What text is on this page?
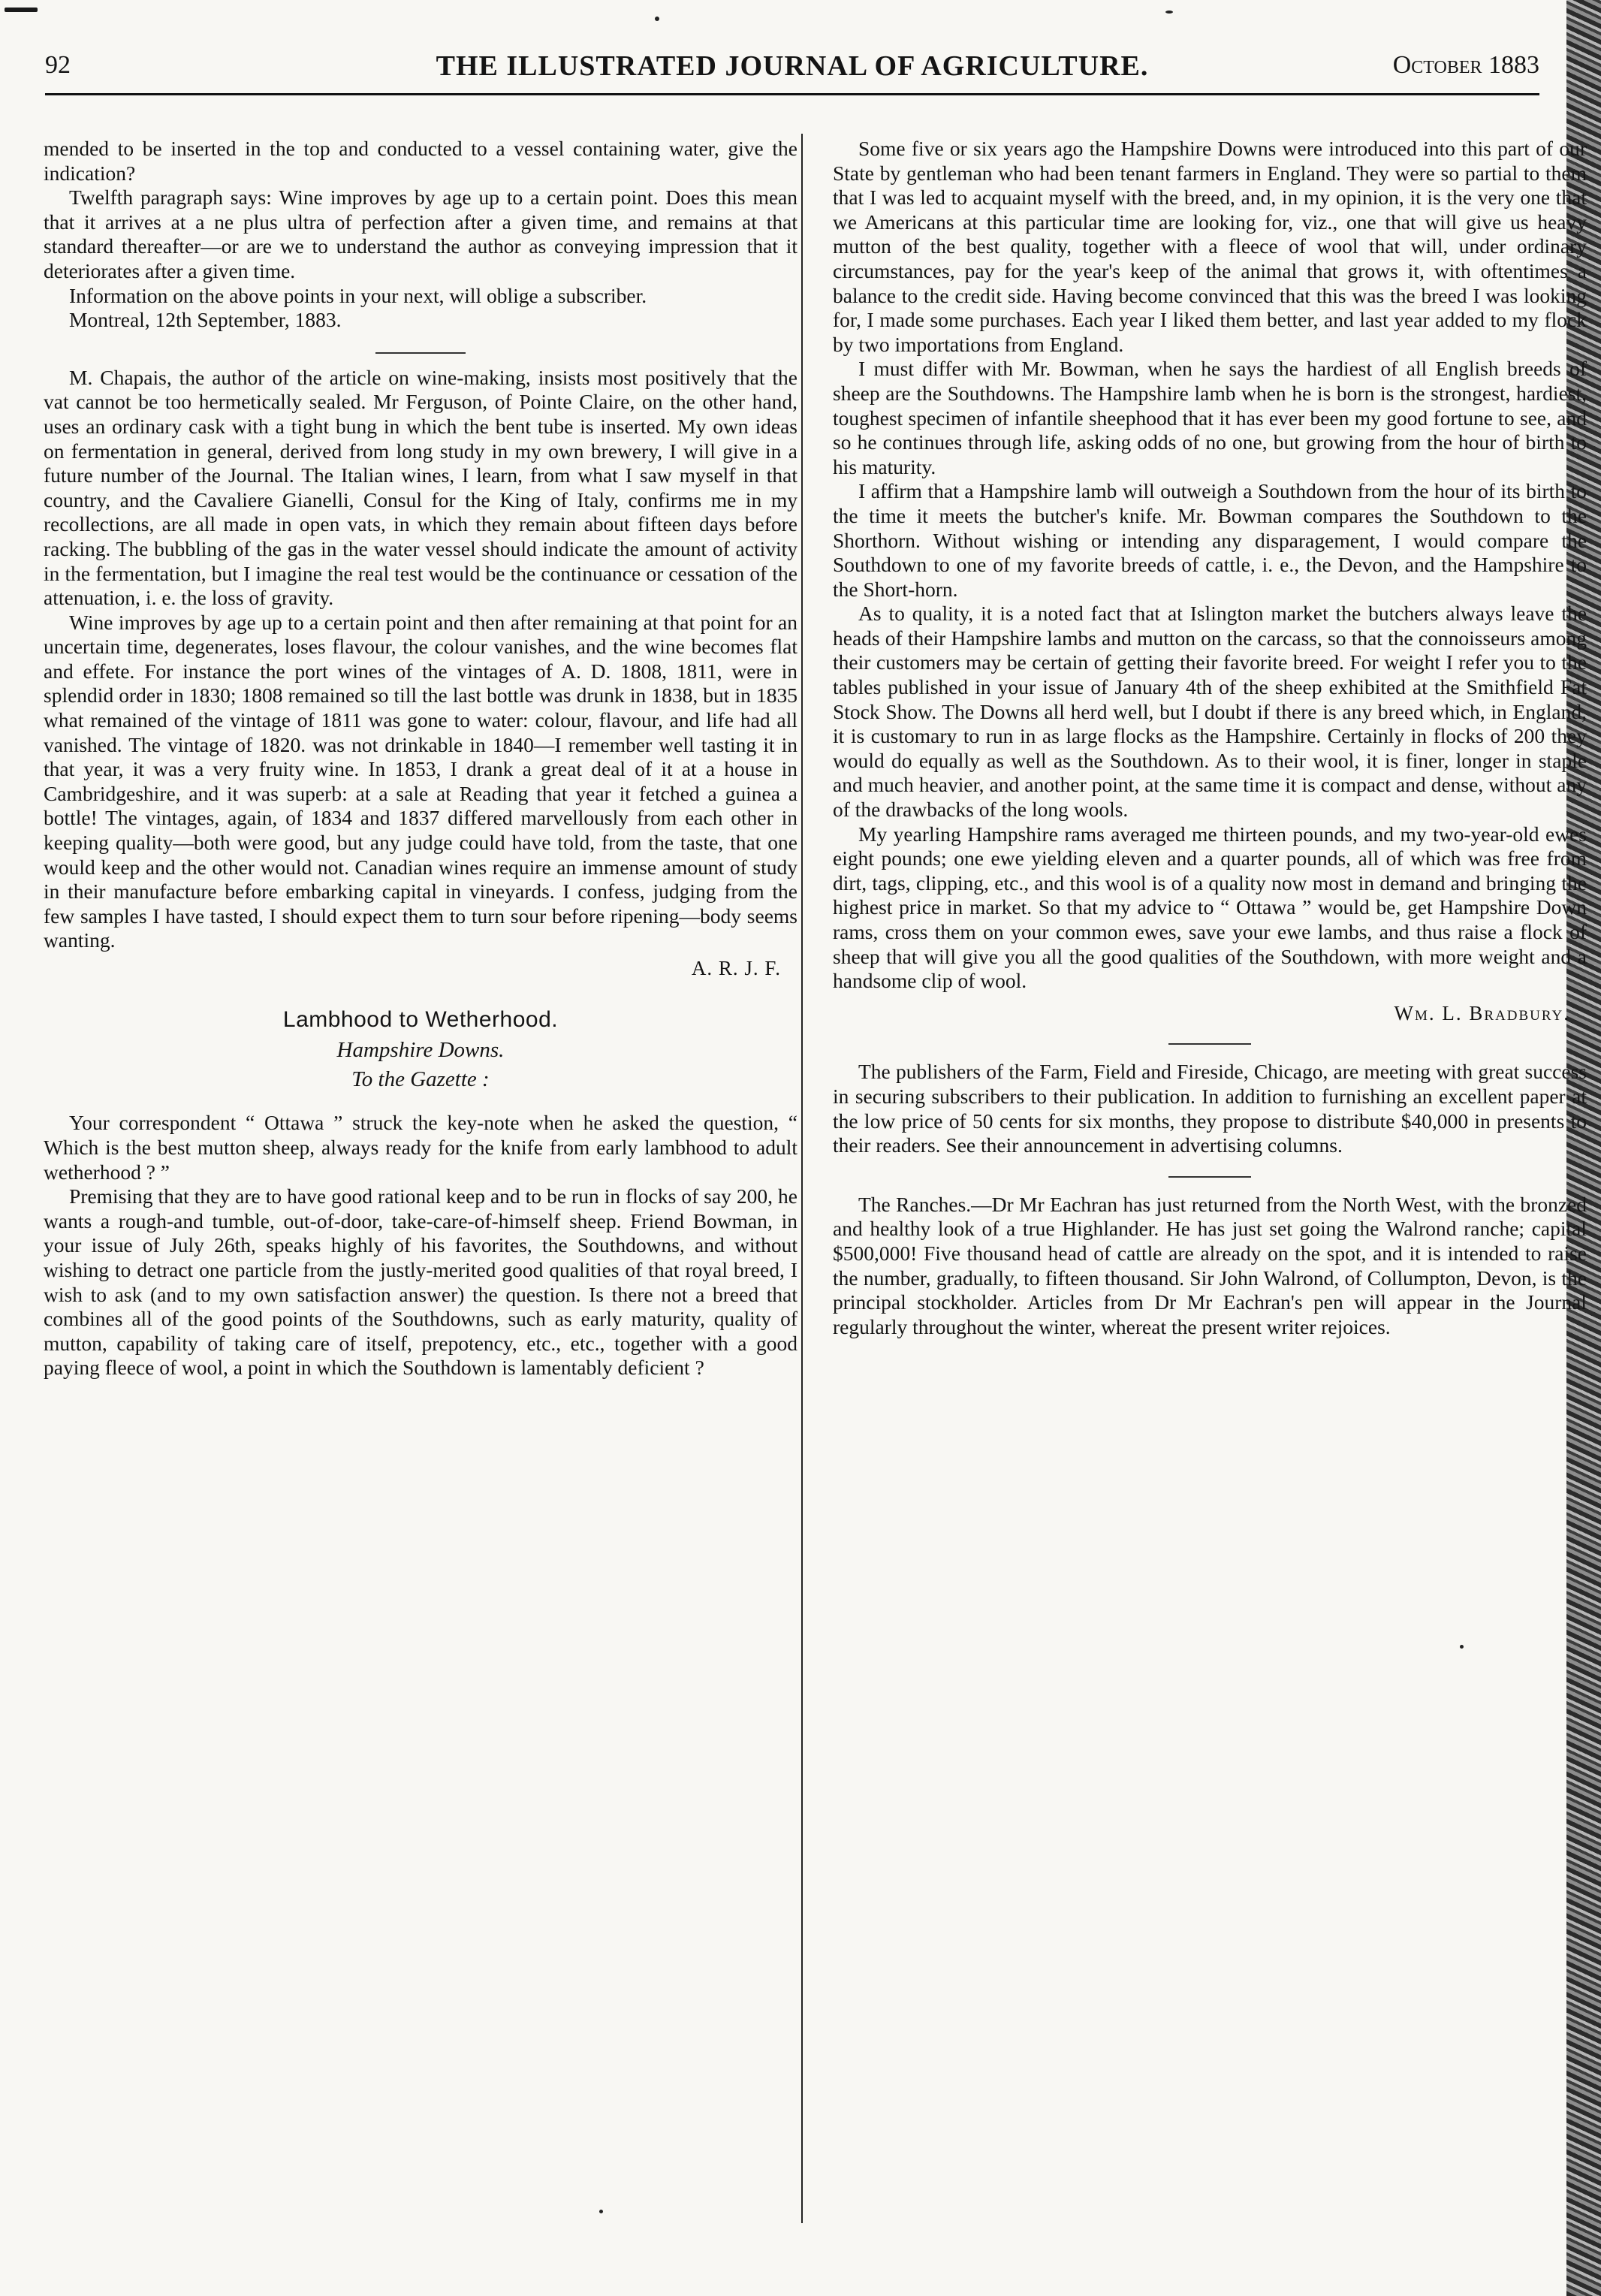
92	THE ILLUSTRATED JOURNAL OF AGRICULTURE.	October 1883

mended to be inserted in the top and conducted to a vessel containing water, give the indication?

Twelfth paragraph says: Wine improves by age up to a certain point. Does this mean that it arrives at a ne plus ultra of perfection after a given time, and remains at that standard thereafter—or are we to understand the author as conveying impression that it deteriorates after a given time.

Information on the above points in your next, will oblige a subscriber.

Montreal, 12th September, 1883.

M. Chapais, the author of the article on wine-making, insists most positively that the vat cannot be too hermetically sealed. Mr Ferguson, of Pointe Claire, on the other hand, uses an ordinary cask with a tight bung in which the bent tube is inserted. My own ideas on fermentation in general, derived from long study in my own brewery, I will give in a future number of the Journal. The Italian wines, I learn, from what I saw myself in that country, and the Cavaliere Gianelli, Consul for the King of Italy, confirms me in my recollections, are all made in open vats, in which they remain about fifteen days before racking. The bubbling of the gas in the water vessel should indicate the amount of activity in the fermentation, but I imagine the real test would be the continuance or cessation of the attenuation, i. e. the loss of gravity.

Wine improves by age up to a certain point and then after remaining at that point for an uncertain time, degenerates, loses flavour, the colour vanishes, and the wine becomes flat and effete. For instance the port wines of the vintages of A. D. 1808, 1811, were in splendid order in 1830; 1808 remained so till the last bottle was drunk in 1838, but in 1835 what remained of the vintage of 1811 was gone to water: colour, flavour, and life had all vanished. The vintage of 1820. was not drinkable in 1840—I remember well tasting it in that year, it was a very fruity wine. In 1853, I drank a great deal of it at a house in Cambridgeshire, and it was superb: at a sale at Reading that year it fetched a guinea a bottle! The vintages, again, of 1834 and 1837 differed marvellously from each other in keeping quality—both were good, but any judge could have told, from the taste, that one would keep and the other would not. Canadian wines require an immense amount of study in their manufacture before embarking capital in vineyards. I confess, judging from the few samples I have tasted, I should expect them to turn sour before ripening—body seems wanting.

A. R. J. F.
Lambhood to Wetherhood.
Hampshire Downs.
To the Gazette :

Your correspondent “ Ottawa ” struck the key-note when he asked the question, “ Which is the best mutton sheep, always ready for the knife from early lambhood to adult wetherhood ? ”

Premising that they are to have good rational keep and to be run in flocks of say 200, he wants a rough-and tumble, out-of-door, take-care-of-himself sheep. Friend Bowman, in your issue of July 26th, speaks highly of his favorites, the Southdowns, and without wishing to detract one particle from the justly-merited good qualities of that royal breed, I wish to ask (and to my own satisfaction answer) the question. Is there not a breed that combines all of the good points of the Southdowns, such as early maturity, quality of mutton, capability of taking care of itself, prepotency, etc., etc., together with a good paying fleece of wool, a point in which the Southdown is lamentably deficient ?

Some five or six years ago the Hampshire Downs were introduced into this part of our State by gentleman who had been tenant farmers in England. They were so partial to them that I was led to acquaint myself with the breed, and, in my opinion, it is the very one that we Americans at this particular time are looking for, viz., one that will give us heavy mutton of the best quality, together with a fleece of wool that will, under ordinary circumstances, pay for the year's keep of the animal that grows it, with oftentimes a balance to the credit side. Having become convinced that this was the breed I was looking for, I made some purchases. Each year I liked them better, and last year added to my flock by two importations from England.

I must differ with Mr. Bowman, when he says the hardiest of all English breeds of sheep are the Southdowns. The Hampshire lamb when he is born is the strongest, hardiest, toughest specimen of infantile sheephood that it has ever been my good fortune to see, and so he continues through life, asking odds of no one, but growing from the hour of birth to his maturity.

I affirm that a Hampshire lamb will outweigh a Southdown from the hour of its birth to the time it meets the butcher's knife. Mr. Bowman compares the Southdown to the Shorthorn. Without wishing or intending any disparagement, I would compare the Southdown to one of my favorite breeds of cattle, i. e., the Devon, and the Hampshire to the Short-horn.

As to quality, it is a noted fact that at Islington market the butchers always leave the heads of their Hampshire lambs and mutton on the carcass, so that the connoisseurs among their customers may be certain of getting their favorite breed. For weight I refer you to the tables published in your issue of January 4th of the sheep exhibited at the Smithfield Fat Stock Show. The Downs all herd well, but I doubt if there is any breed which, in England, it is customary to run in as large flocks as the Hampshire. Certainly in flocks of 200 they would do equally as well as the Southdown. As to their wool, it is finer, longer in staple and much heavier, and another point, at the same time it is compact and dense, without any of the drawbacks of the long wools.

My yearling Hampshire rams averaged me thirteen pounds, and my two-year-old ewes eight pounds; one ewe yielding eleven and a quarter pounds, all of which was free from dirt, tags, clipping, etc., and this wool is of a quality now most in demand and bringing the highest price in market. So that my advice to “ Ottawa ” would be, get Hampshire Down rams, cross them on your common ewes, save your ewe lambs, and thus raise a flock of sheep that will give you all the good qualities of the Southdown, with more weight and a handsome clip of wool.

Wm. L. Bradbury.

The publishers of the Farm, Field and Fireside, Chicago, are meeting with great success in securing subscribers to their publication. In addition to furnishing an excellent paper at the low price of 50 cents for six months, they propose to distribute $40,000 in presents to their readers. See their announcement in advertising columns.

The Ranches.—Dr Mr Eachran has just returned from the North West, with the bronzed and healthy look of a true Highlander. He has just set going the Walrond ranche; capital $500,000! Five thousand head of cattle are already on the spot, and it is intended to raise the number, gradually, to fifteen thousand. Sir John Walrond, of Collumpton, Devon, is the principal stockholder. Articles from Dr Mr Eachran's pen will appear in the Journal regularly throughout the winter, whereat the present writer rejoices.
